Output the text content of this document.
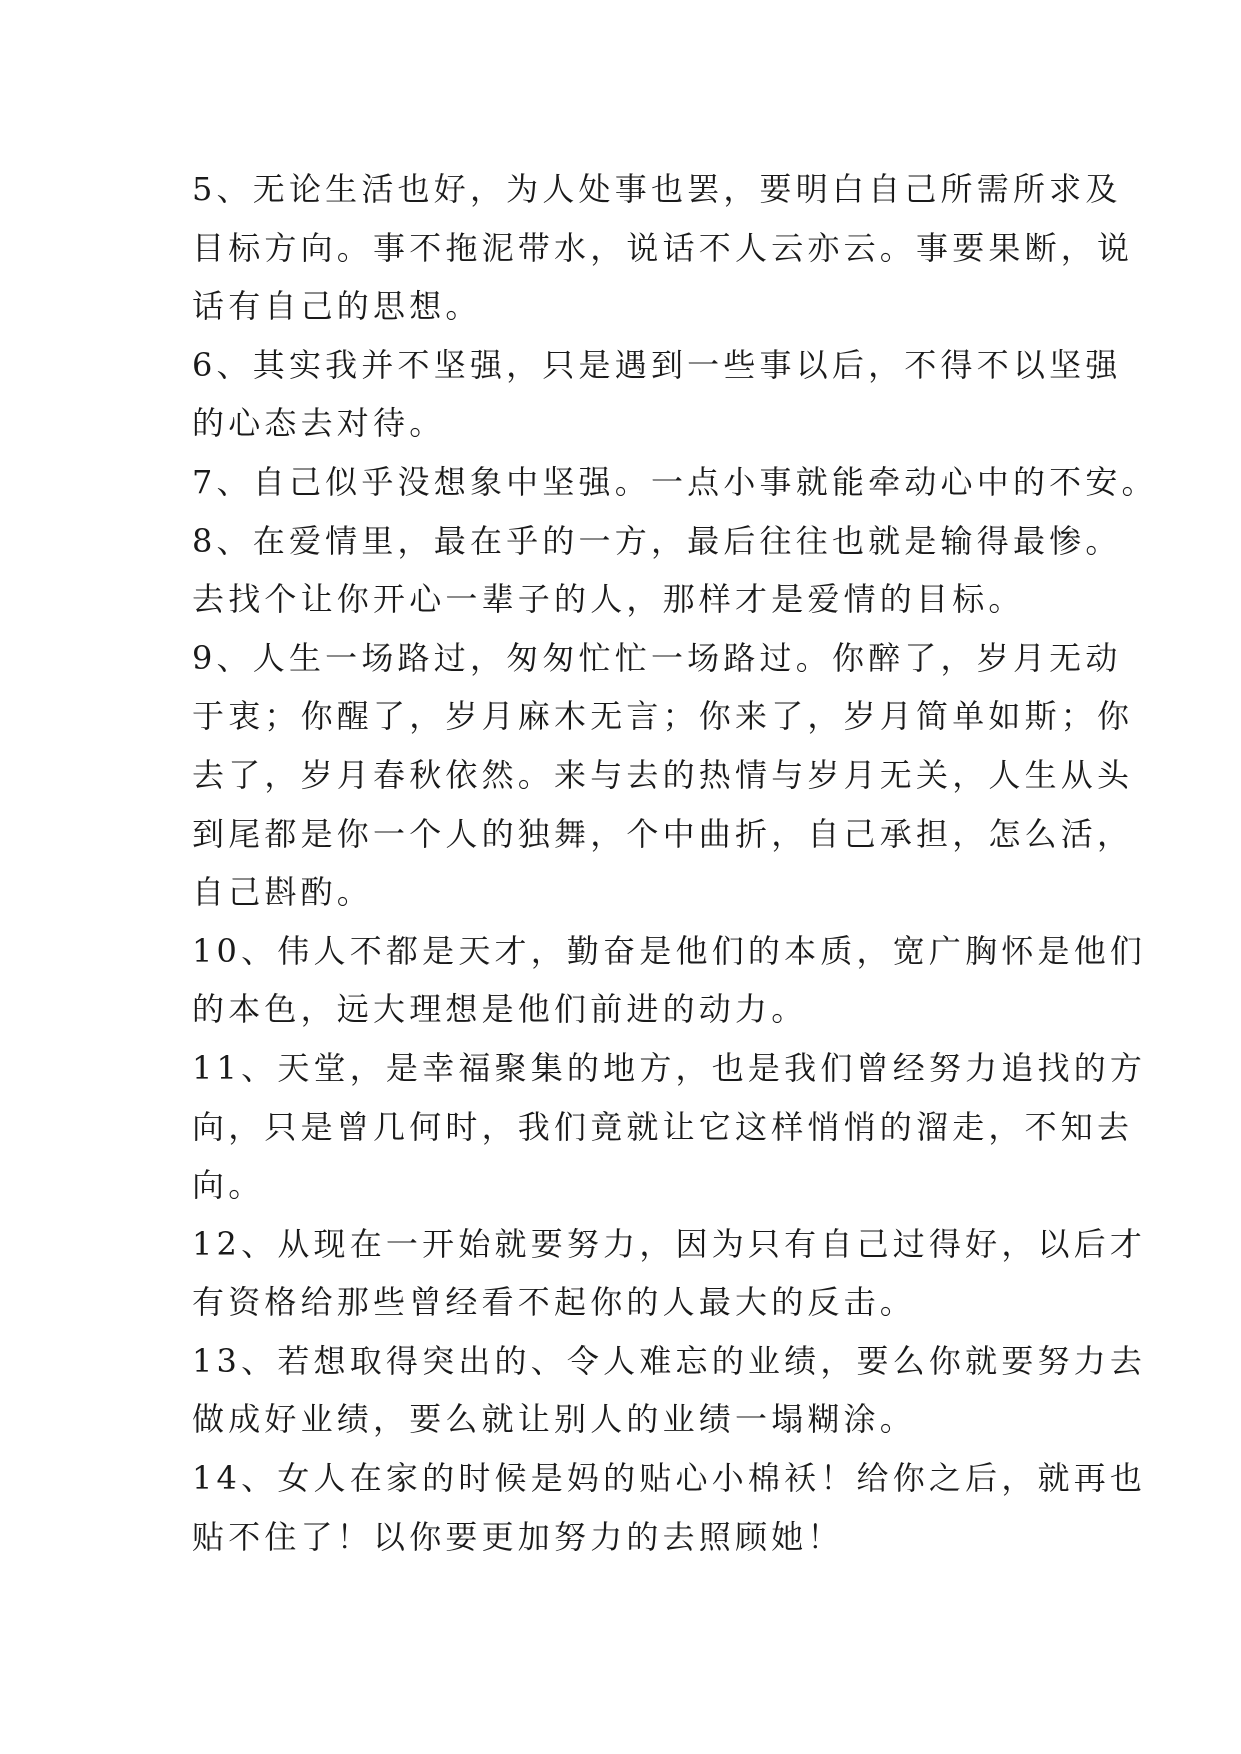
5、无论生活也好，为人处事也罢，要明白自己所需所求及
目标方向。事不拖泥带水，说话不人云亦云。事要果断，说
话有自己的思想。
6、其实我并不坚强，只是遇到一些事以后，不得不以坚强
的心态去对待。
7、自己似乎没想象中坚强。一点小事就能牵动心中的不安。
8、在爱情里，最在乎的一方，最后往往也就是输得最惨。
去找个让你开心一辈子的人，那样才是爱情的目标。
9、人生一场路过，匆匆忙忙一场路过。你醉了，岁月无动
于衷；你醒了，岁月麻木无言；你来了，岁月简单如斯；你
去了，岁月春秋依然。来与去的热情与岁月无关，人生从头
到尾都是你一个人的独舞，个中曲折，自己承担，怎么活，
自己斟酌。
10、伟人不都是天才，勤奋是他们的本质，宽广胸怀是他们
的本色，远大理想是他们前进的动力。
11、天堂，是幸福聚集的地方，也是我们曾经努力追找的方
向，只是曾几何时，我们竟就让它这样悄悄的溜走，不知去
向。
12、从现在一开始就要努力，因为只有自己过得好，以后才
有资格给那些曾经看不起你的人最大的反击。
13、若想取得突出的、令人难忘的业绩，要么你就要努力去
做成好业绩，要么就让别人的业绩一塌糊涂。
14、女人在家的时候是妈的贴心小棉袄！给你之后，就再也
贴不住了！以你要更加努力的去照顾她！
